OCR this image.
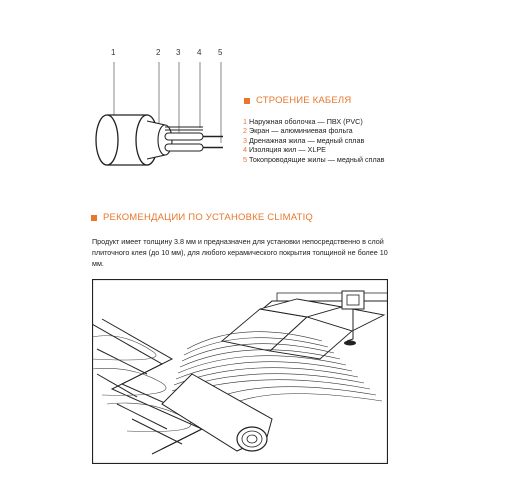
1	2 3 4 5
СТРОЕНИЕ КАБЕЛЯ
1 Наружная оболочка — ПВХ (PVC)
2 Экран — алюминиевая фольга
3 Дренажная жила — медный сплав
4 Изоляция жил — XLPE
5 Токопроводящие жилы — медный сплав
РЕКОМЕНДАЦИИ ПО УСТАНОВКЕ CLIMATIQ
Продукт имеет толщину 3.8 мм и предназначен для установки непосредственно в слой плиточного клея (до 10 мм), для любого керамического покрытия толщиной не более 10 мм.
